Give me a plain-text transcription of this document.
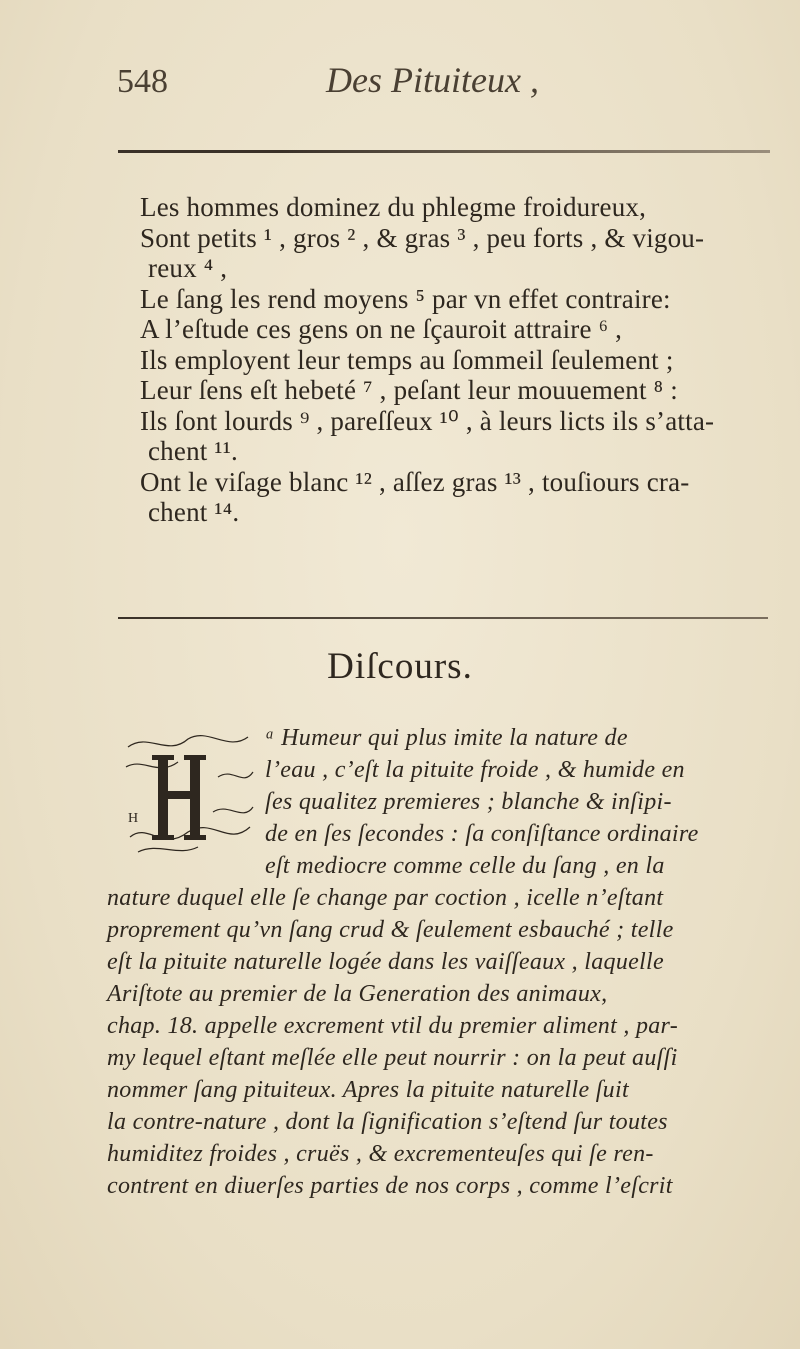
548	Des Pituiteux ,
Les hommes dominez du phlegme froidureux,
Sont petits ¹ , gros ² , & gras ³ , peu forts , & vigou-
reux ⁴ ,
Le ſang les rend moyens ⁵ par vn effet contraire:
A l’eſtude ces gens on ne ſçauroit attraire ⁶ ,
Ils employent leur temps au ſommeil ſeulement ;
Leur ſens eſt hebeté ⁷ , peſant leur mouuement ⁸ :
Ils ſont lourds ⁹ , pareſſeux ¹⁰ , à leurs licts ils s’atta-
chent ¹¹.
Ont le viſage blanc ¹² , aſſez gras ¹³ , touſiours cra-
chent ¹⁴.
Diſcours.
H
ᵃ Humeur qui plus imite la nature de
l’eau , c’eſt la pituite froide , & humide en
ſes qualitez premieres ; blanche & inſipi-
de en ſes ſecondes : ſa conſiſtance ordinaire
eſt mediocre comme celle du ſang , en la
nature duquel elle ſe change par coction , icelle n’eſtant
proprement qu’vn ſang crud & ſeulement esbauché ; telle
eſt la pituite naturelle logée dans les vaiſſeaux , laquelle
Ariſtote au premier de la Generation des animaux,
chap. 18. appelle excrement vtil du premier aliment , par-
my lequel eſtant meſlée elle peut nourrir : on la peut auſſi
nommer ſang pituiteux. Apres la pituite naturelle ſuit
la contre-nature , dont la ſignification s’eſtend ſur toutes
humiditez froides , cruës , & excrementeuſes qui ſe ren-
contrent en diuerſes parties de nos corps , comme l’eſcrit
